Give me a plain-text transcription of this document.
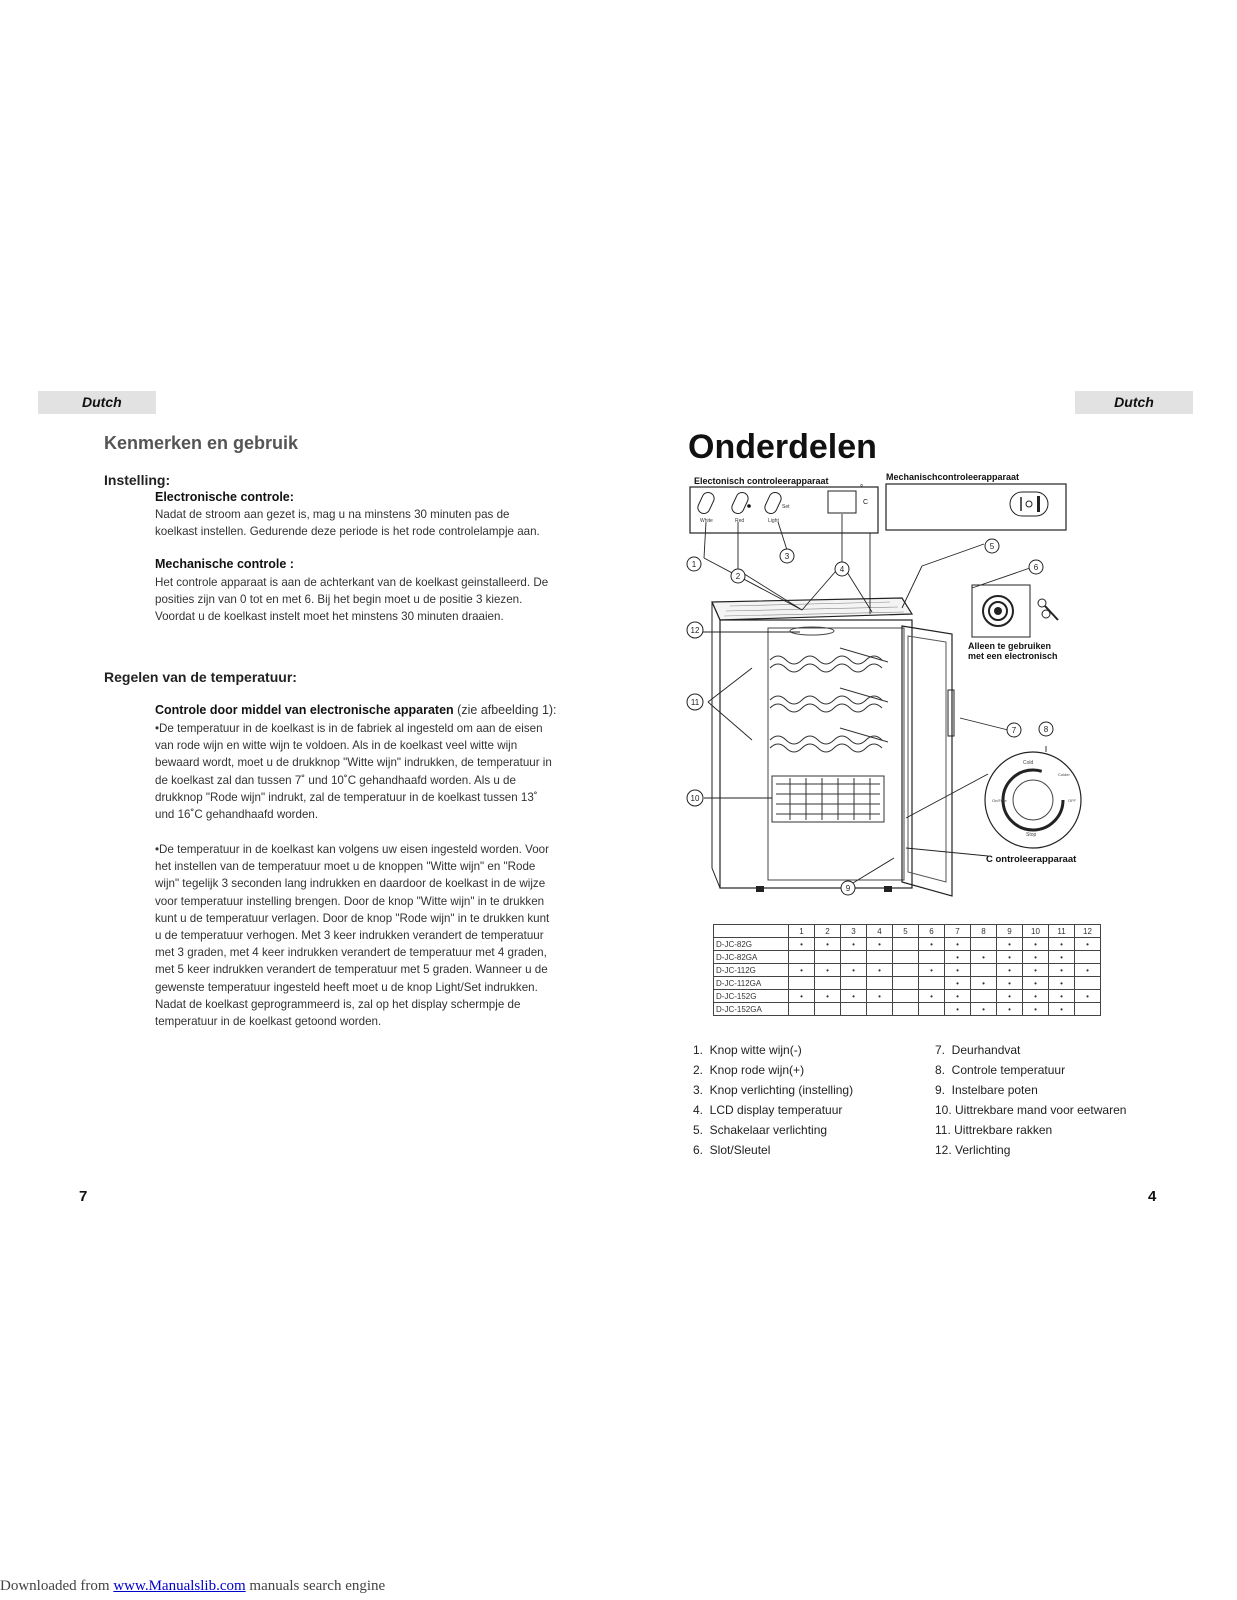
Dutch	Dutch
Kenmerken en gebruik
Instelling:
Electronische controle:

Nadat de stroom aan gezet is, mag u na minstens 30 minuten pas de koelkast instellen. Gedurende deze periode is het rode controlelampje aan.

Mechanische controle :

Het controle apparaat is aan de achterkant van de koelkast geinstalleerd. De posities zijn van 0 tot en met 6. Bij het begin moet u de positie 3 kiezen. Voordat u de koelkast instelt moet het minstens 30 minuten draaien.

Regelen van de temperatuur:
Controle door middel van electronische apparaten (zie afbeelding 1):

•De temperatuur in de koelkast is in de fabriek al ingesteld om aan de eisen van rode wijn en witte wijn te voldoen. Als in de koelkast veel witte wijn bewaard wordt, moet u de drukknop "Witte wijn" indrukken, de temperatuur in de koelkast zal dan tussen 7˚ und 10˚C gehandhaafd worden. Als u de drukknop "Rode wijn" indrukt, zal de temperatuur in de koelkast tussen 13˚ und 16˚C gehandhaafd worden.

•De temperatuur in de koelkast kan volgens uw eisen ingesteld worden. Voor het instellen van de temperatuur moet u de knoppen "Witte wijn" en "Rode wijn" tegelijk 3 seconden lang indrukken en daardoor de koelkast in de wijze voor temperatuur instelling brengen. Door de knop "Witte wijn" in te drukken kunt u de temperatuur verlagen. Door de knop "Rode wijn" in te drukken kunt u de temperatuur verhogen. Met 3 keer indrukken verandert de temperatuur met 3 graden, met 4 keer indrukken verandert de temperatuur met 4 graden, met 5 keer indrukken verandert de temperatuur met 5 graden. Wanneer u de gewenste temperatuur ingesteld heeft moet u de knop Light/Set indrukken. Nadat de koelkast geprogrammeerd is, zal op het display schermpje de temperatuur in de koelkast getoond worden.

7
Onderdelen
Electonisch controleerapparaat
White	Red	Light
Set
°
C
Mechanischcontroleerapparaat
Alleen te gebruiken
met een electronisch
Cold
Colder
OFF
On/Free
Stop
C ontroleerapparaat
1
2
3
4
5
6
7	8
9
10
11
12
	1	2	3	4	5	6	7	8	9	10	11	12
D-JC-82G	•	•	•	•		•	•		•	•	•	•
D-JC-82GA							•	•	•	•	•	
D-JC-112G	•	•	•	•		•	•		•	•	•	•
D-JC-112GA							•	•	•	•	•	
D-JC-152G	•	•	•	•		•	•		•	•	•	•
D-JC-152GA							•	•	•	•	•	
1.  Knop witte wijn(-)
2.  Knop rode wijn(+)
3.  Knop verlichting (instelling)
4.  LCD display temperatuur
5.  Schakelaar verlichting
6.  Slot/Sleutel
7.  Deurhandvat
8.  Controle temperatuur
9.  Instelbare poten
10. Uittrekbare mand voor eetwaren
11. Uittrekbare rakken
12. Verlichting
4
Downloaded from www.Manualslib.com manuals search engine
